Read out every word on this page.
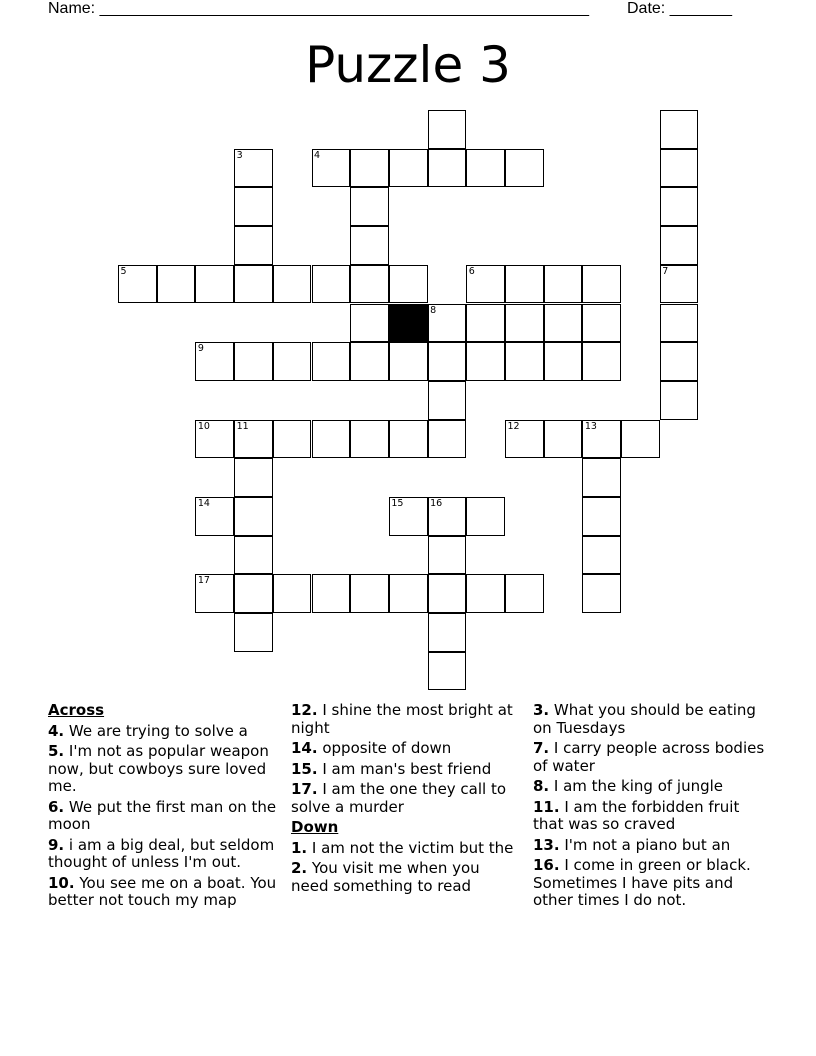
Name: _______________________________________________________ Date: _______
Puzzle 3
3	4
5	6	7
8
9
10	11	12	13
14	15	16
17
Across

4. We are trying to solve a

5. I'm not as popular weapon now, but cowboys sure loved me.

6. We put the first man on the moon

9. i am a big deal, but seldom thought of unless I'm out.

10. You see me on a boat. You better not touch my map

12. I shine the most bright at night

14. opposite of down

15. I am man's best friend

17. I am the one they call to solve a murder

Down

1. I am not the victim but the

2. You visit me when you need something to read

3. What you should be eating on Tuesdays

7. I carry people across bodies of water

8. I am the king of jungle

11. I am the forbidden fruit that was so craved

13. I'm not a piano but an

16. I come in green or black. Sometimes I have pits and other times I do not.
